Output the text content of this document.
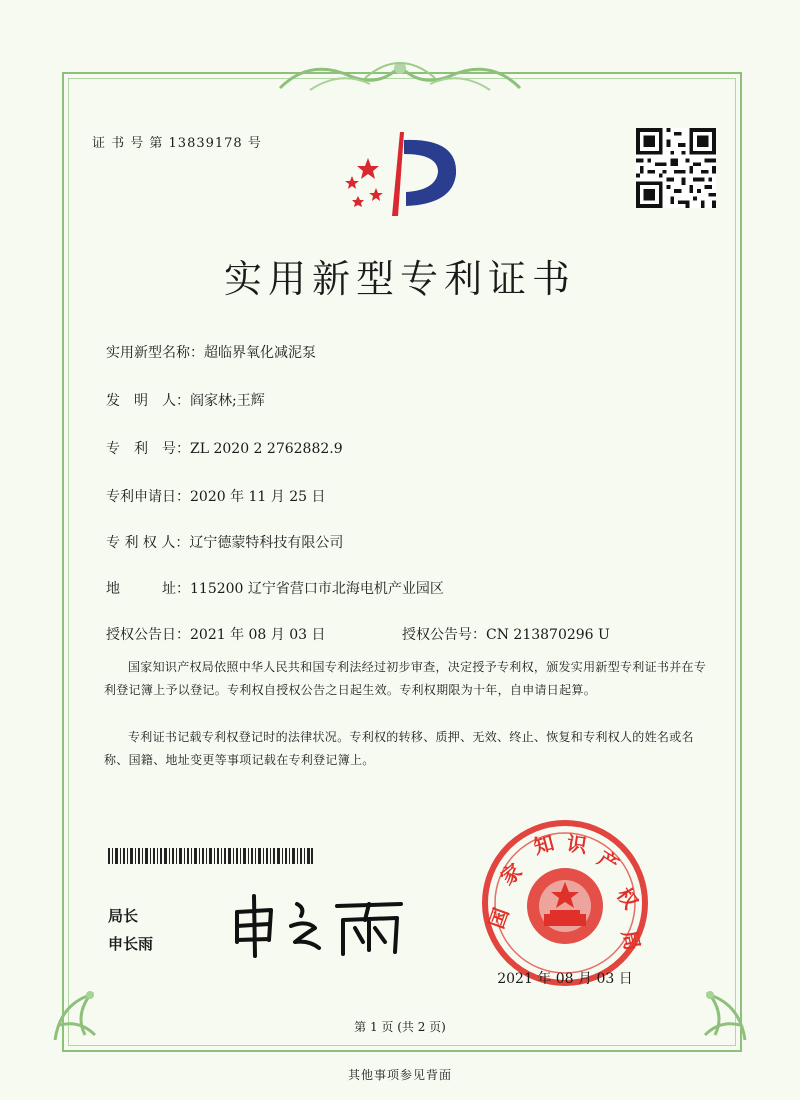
证 书 号 第 13839178 号
实用新型专利证书
实用新型名称：超临界氧化减泥泵
发　明　人：阎家林;王辉
专　利　号：ZL 2020 2 2762882.9
专利申请日：2020 年 11 月 25 日
专 利 权 人：辽宁德蒙特科技有限公司
地　　　址：115200 辽宁省营口市北海电机产业园区
授权公告日：2021 年 08 月 03 日	授权公告号：CN 213870296 U
国家知识产权局依照中华人民共和国专利法经过初步审查，决定授予专利权，颁发实用新型专利证书并在专利登记簿上予以登记。专利权自授权公告之日起生效。专利权期限为十年，自申请日起算。
专利证书记载专利权登记时的法律状况。专利权的转移、质押、无效、终止、恢复和专利权人的姓名或名称、国籍、地址变更等事项记载在专利登记簿上。
局长
申长雨
国
家
知 识
产
权
局
2021 年 08 月 03 日
第 1 页 (共 2 页)
其他事项参见背面
